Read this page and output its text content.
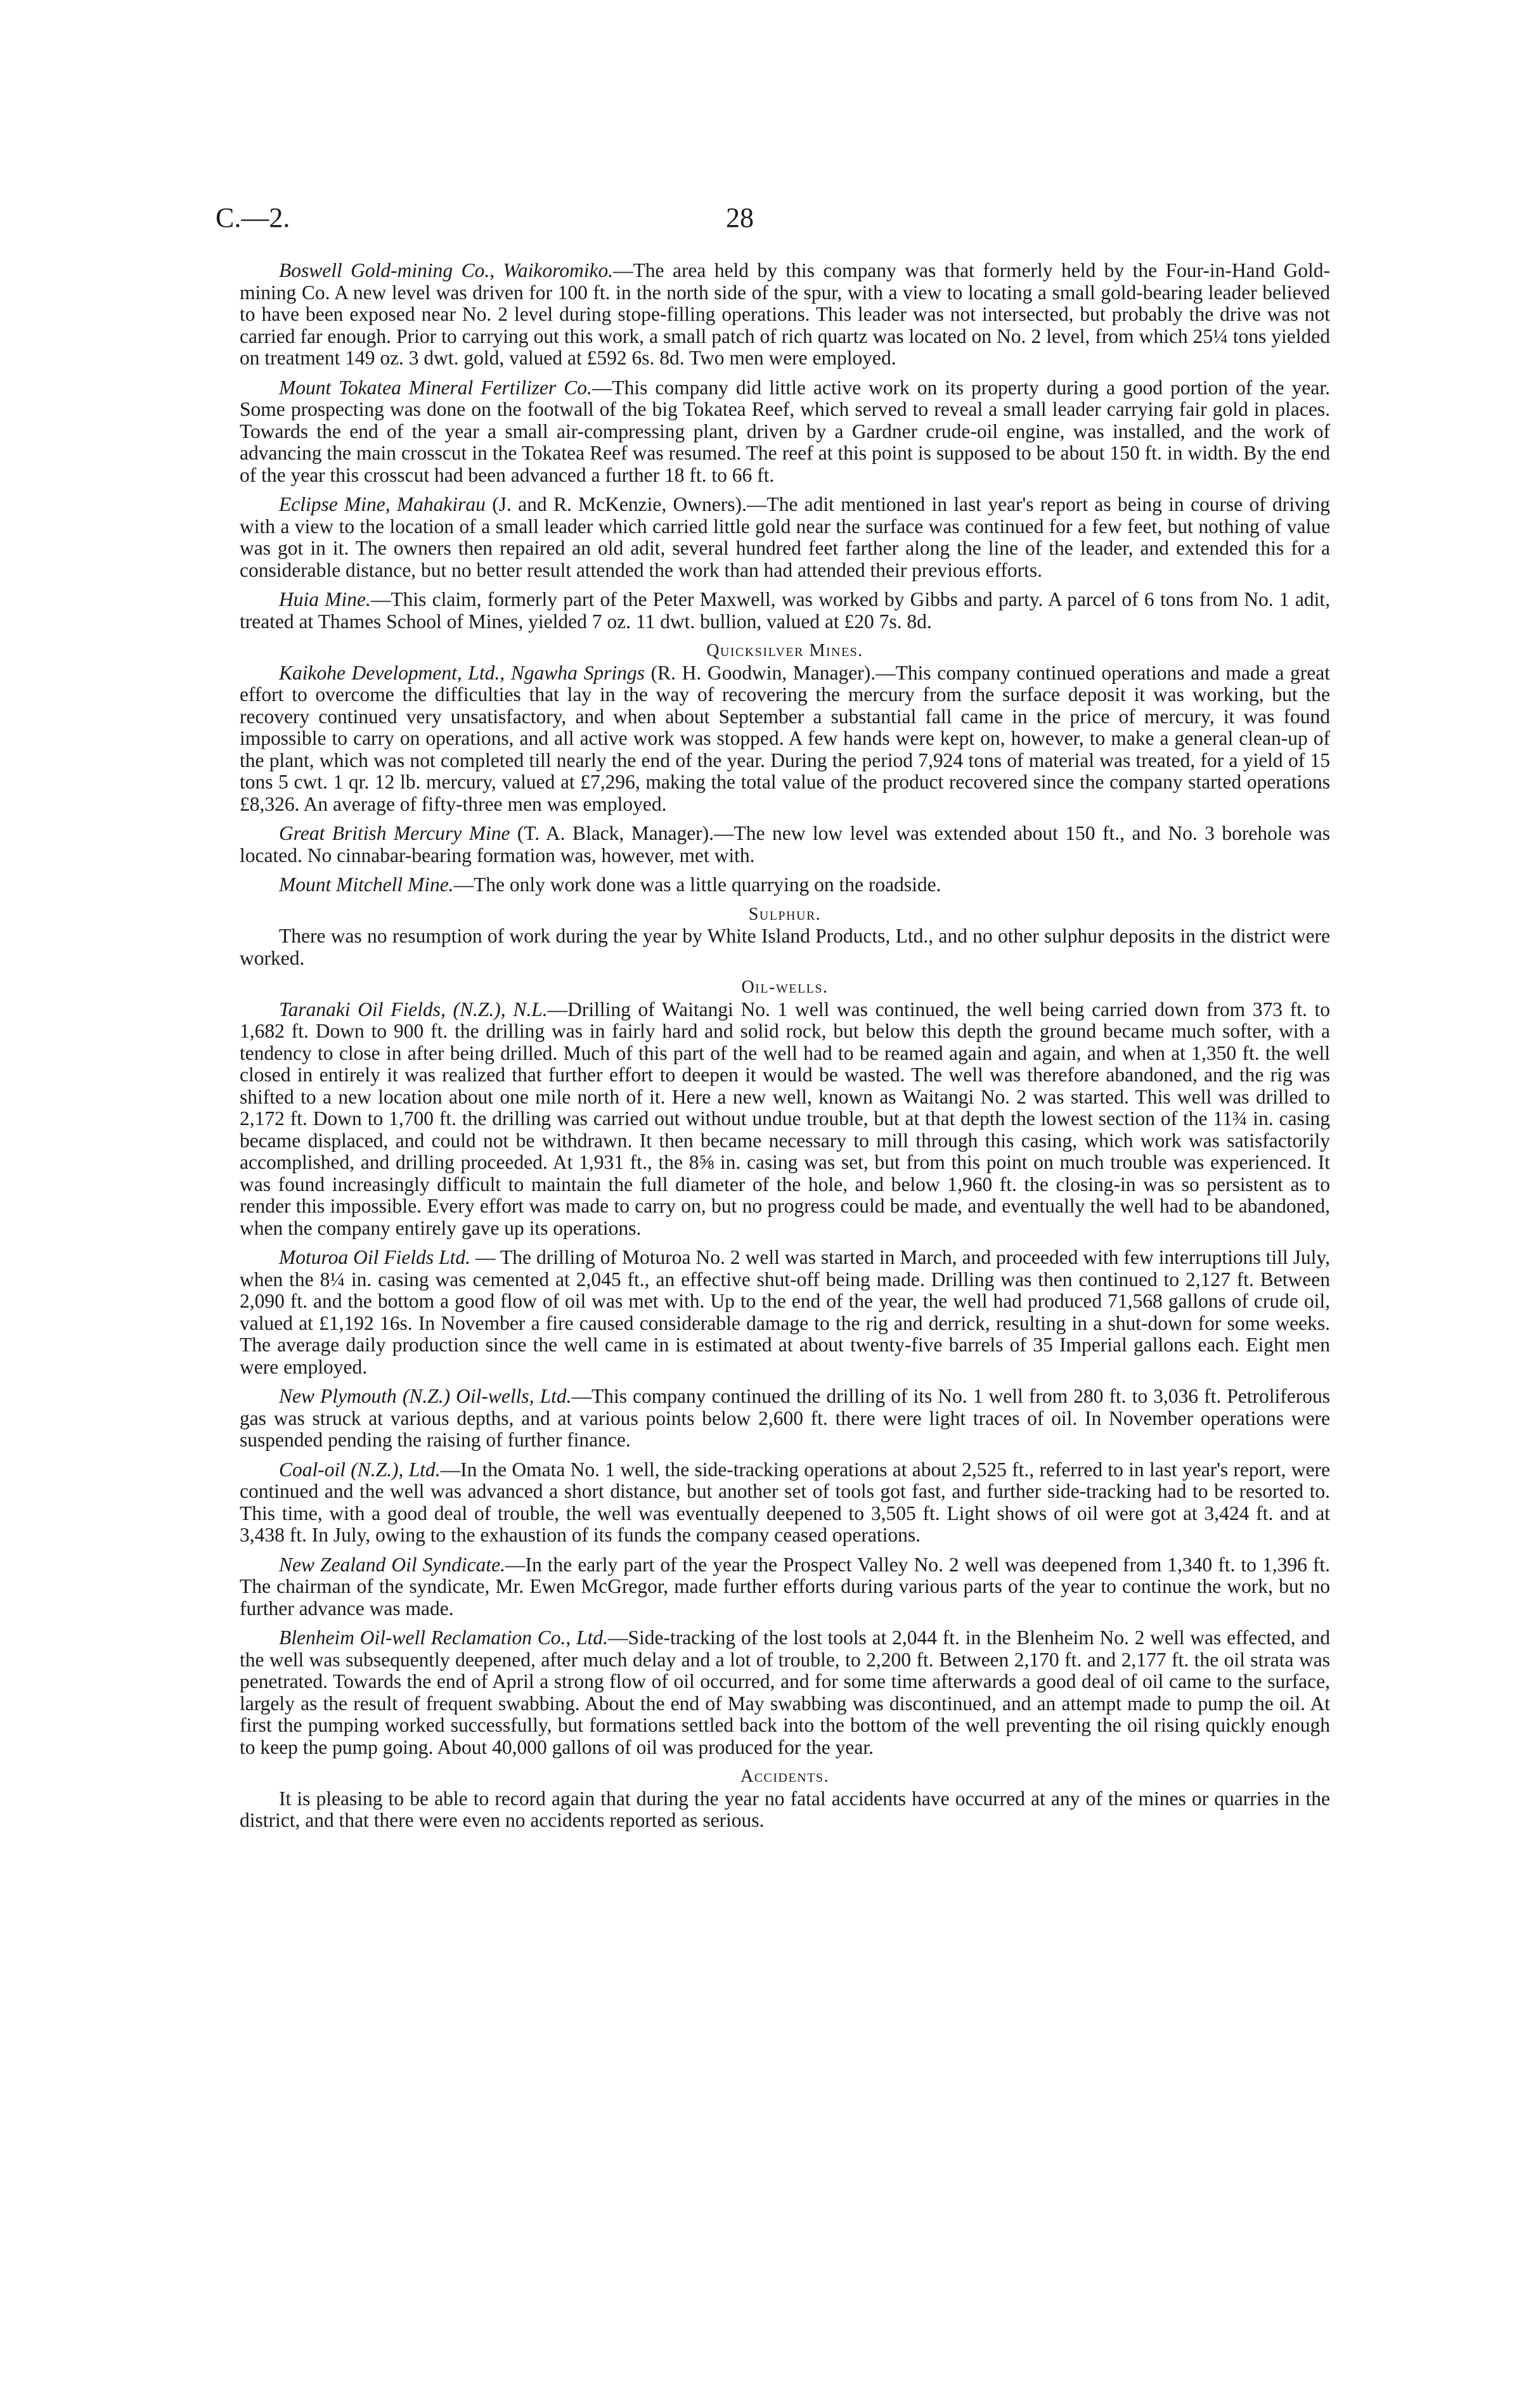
C.—2.	28

Boswell Gold-mining Co., Waikoromiko.—The area held by this company was that formerly held by the Four-in-Hand Gold-mining Co. A new level was driven for 100 ft. in the north side of the spur, with a view to locating a small gold-bearing leader believed to have been exposed near No. 2 level during stope-filling operations. This leader was not intersected, but probably the drive was not carried far enough. Prior to carrying out this work, a small patch of rich quartz was located on No. 2 level, from which 25¼ tons yielded on treatment 149 oz. 3 dwt. gold, valued at £592 6s. 8d. Two men were employed.

Mount Tokatea Mineral Fertilizer Co.—This company did little active work on its property during a good portion of the year. Some prospecting was done on the footwall of the big Tokatea Reef, which served to reveal a small leader carrying fair gold in places. Towards the end of the year a small air-compressing plant, driven by a Gardner crude-oil engine, was installed, and the work of advancing the main crosscut in the Tokatea Reef was resumed. The reef at this point is supposed to be about 150 ft. in width. By the end of the year this crosscut had been advanced a further 18 ft. to 66 ft.

Eclipse Mine, Mahakirau (J. and R. McKenzie, Owners).—The adit mentioned in last year's report as being in course of driving with a view to the location of a small leader which carried little gold near the surface was continued for a few feet, but nothing of value was got in it. The owners then repaired an old adit, several hundred feet farther along the line of the leader, and extended this for a considerable distance, but no better result attended the work than had attended their previous efforts.

Huia Mine.—This claim, formerly part of the Peter Maxwell, was worked by Gibbs and party. A parcel of 6 tons from No. 1 adit, treated at Thames School of Mines, yielded 7 oz. 11 dwt. bullion, valued at £20 7s. 8d.

Quicksilver Mines.

Kaikohe Development, Ltd., Ngawha Springs (R. H. Goodwin, Manager).—This company continued operations and made a great effort to overcome the difficulties that lay in the way of recovering the mercury from the surface deposit it was working, but the recovery continued very unsatisfactory, and when about September a substantial fall came in the price of mercury, it was found impossible to carry on operations, and all active work was stopped. A few hands were kept on, however, to make a general clean-up of the plant, which was not completed till nearly the end of the year. During the period 7,924 tons of material was treated, for a yield of 15 tons 5 cwt. 1 qr. 12 lb. mercury, valued at £7,296, making the total value of the product recovered since the company started operations £8,326. An average of fifty-three men was employed.

Great British Mercury Mine (T. A. Black, Manager).—The new low level was extended about 150 ft., and No. 3 borehole was located. No cinnabar-bearing formation was, however, met with.

Mount Mitchell Mine.—The only work done was a little quarrying on the roadside.

Sulphur.

There was no resumption of work during the year by White Island Products, Ltd., and no other sulphur deposits in the district were worked.

Oil-wells.

Taranaki Oil Fields, (N.Z.), N.L.—Drilling of Waitangi No. 1 well was continued, the well being carried down from 373 ft. to 1,682 ft. Down to 900 ft. the drilling was in fairly hard and solid rock, but below this depth the ground became much softer, with a tendency to close in after being drilled. Much of this part of the well had to be reamed again and again, and when at 1,350 ft. the well closed in entirely it was realized that further effort to deepen it would be wasted. The well was therefore abandoned, and the rig was shifted to a new location about one mile north of it. Here a new well, known as Waitangi No. 2 was started. This well was drilled to 2,172 ft. Down to 1,700 ft. the drilling was carried out without undue trouble, but at that depth the lowest section of the 11¾ in. casing became displaced, and could not be withdrawn. It then became necessary to mill through this casing, which work was satisfactorily accomplished, and drilling proceeded. At 1,931 ft., the 8⅝ in. casing was set, but from this point on much trouble was experienced. It was found increasingly difficult to maintain the full diameter of the hole, and below 1,960 ft. the closing-in was so persistent as to render this impossible. Every effort was made to carry on, but no progress could be made, and eventually the well had to be abandoned, when the company entirely gave up its operations.

Moturoa Oil Fields Ltd. — The drilling of Moturoa No. 2 well was started in March, and proceeded with few interruptions till July, when the 8¼ in. casing was cemented at 2,045 ft., an effective shut-off being made. Drilling was then continued to 2,127 ft. Between 2,090 ft. and the bottom a good flow of oil was met with. Up to the end of the year, the well had produced 71,568 gallons of crude oil, valued at £1,192 16s. In November a fire caused considerable damage to the rig and derrick, resulting in a shut-down for some weeks. The average daily production since the well came in is estimated at about twenty-five barrels of 35 Imperial gallons each. Eight men were employed.

New Plymouth (N.Z.) Oil-wells, Ltd.—This company continued the drilling of its No. 1 well from 280 ft. to 3,036 ft. Petroliferous gas was struck at various depths, and at various points below 2,600 ft. there were light traces of oil. In November operations were suspended pending the raising of further finance.

Coal-oil (N.Z.), Ltd.—In the Omata No. 1 well, the side-tracking operations at about 2,525 ft., referred to in last year's report, were continued and the well was advanced a short distance, but another set of tools got fast, and further side-tracking had to be resorted to. This time, with a good deal of trouble, the well was eventually deepened to 3,505 ft. Light shows of oil were got at 3,424 ft. and at 3,438 ft. In July, owing to the exhaustion of its funds the company ceased operations.

New Zealand Oil Syndicate.—In the early part of the year the Prospect Valley No. 2 well was deepened from 1,340 ft. to 1,396 ft. The chairman of the syndicate, Mr. Ewen McGregor, made further efforts during various parts of the year to continue the work, but no further advance was made.

Blenheim Oil-well Reclamation Co., Ltd.—Side-tracking of the lost tools at 2,044 ft. in the Blenheim No. 2 well was effected, and the well was subsequently deepened, after much delay and a lot of trouble, to 2,200 ft. Between 2,170 ft. and 2,177 ft. the oil strata was penetrated. Towards the end of April a strong flow of oil occurred, and for some time afterwards a good deal of oil came to the surface, largely as the result of frequent swabbing. About the end of May swabbing was discontinued, and an attempt made to pump the oil. At first the pumping worked successfully, but formations settled back into the bottom of the well preventing the oil rising quickly enough to keep the pump going. About 40,000 gallons of oil was produced for the year.

Accidents.

It is pleasing to be able to record again that during the year no fatal accidents have occurred at any of the mines or quarries in the district, and that there were even no accidents reported as serious.
